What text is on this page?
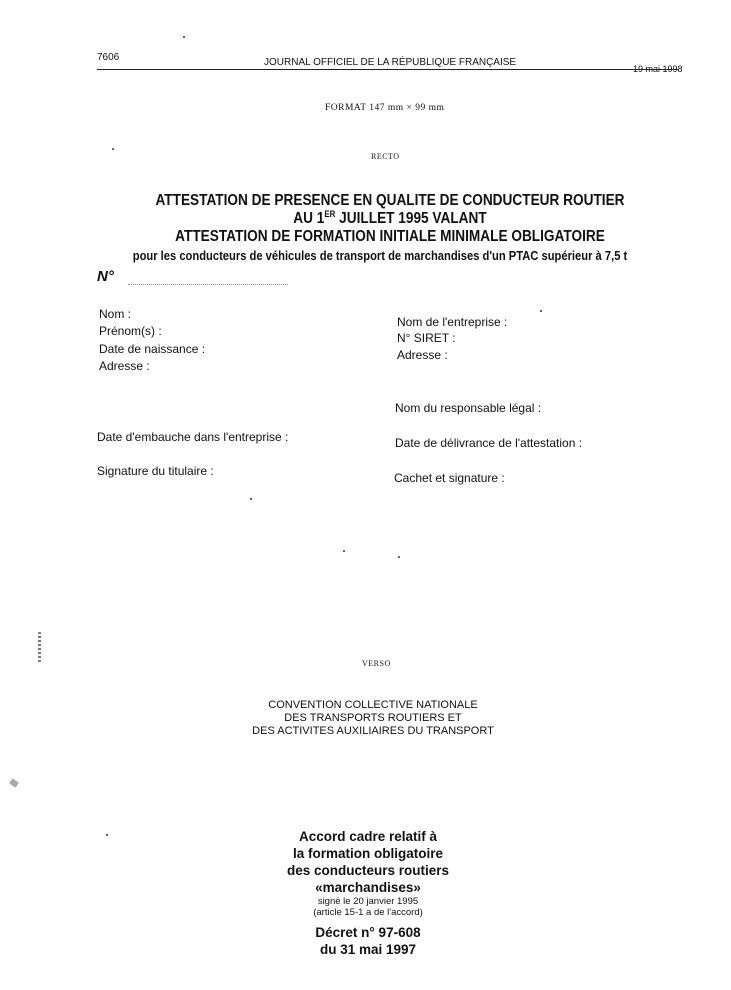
7606	JOURNAL OFFICIEL DE LA RÉPUBLIQUE FRANÇAISE
19 mai 1998
FORMAT 147 mm × 99 mm
RECTO
ATTESTATION DE PRESENCE EN QUALITE DE CONDUCTEUR ROUTIER
AU 1ER JUILLET 1995 VALANT
ATTESTATION DE FORMATION INITIALE MINIMALE OBLIGATOIRE
pour les conducteurs de véhicules de transport de marchandises d'un PTAC supérieur à 7,5 t
N°
Nom :
Prénom(s) :
Date de naissance :
Adresse :
Date d'embauche dans l'entreprise :
Signature du titulaire :
Nom de l'entreprise :
N° SIRET :
Adresse :
Nom du responsable légal :
Date de délivrance de l'attestation :
Cachet et signature :
VERSO
CONVENTION COLLECTIVE NATIONALE
DES TRANSPORTS ROUTIERS ET
DES ACTIVITES AUXILIAIRES DU TRANSPORT
Accord cadre relatif à
la formation obligatoire
des conducteurs routiers
«marchandises»
signé le 20 janvier 1995
(article 15-1 a de l'accord)
Décret n° 97-608
du 31 mai 1997
